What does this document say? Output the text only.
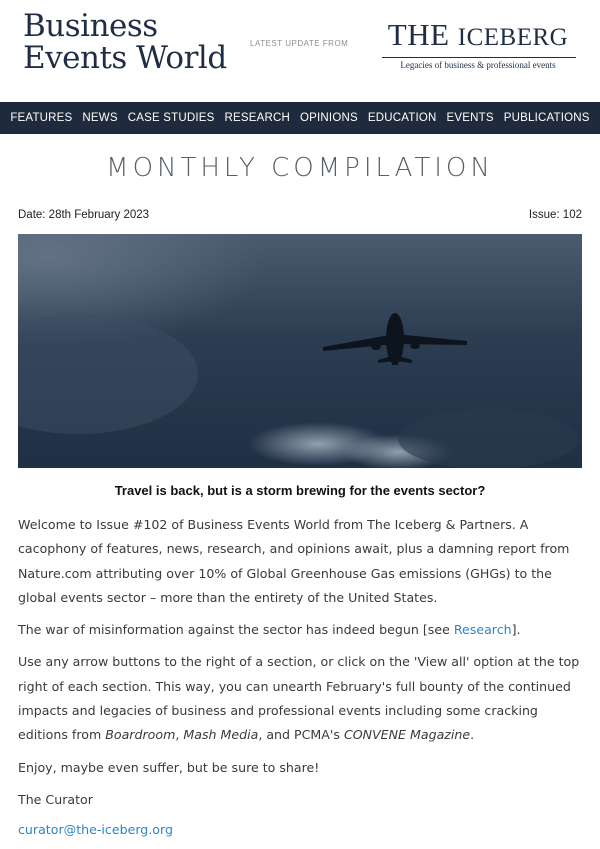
Business
Events World	LATEST UPDATE FROM	THE ICEBERG
Legacies of business & professional events
FEATURES NEWS CASE STUDIES RESEARCH OPINIONS EDUCATION EVENTS PUBLICATIONS
MONTHLY COMPILATION
Date: 28th February 2023	Issue: 102
Travel is back, but is a storm brewing for the events sector?

Welcome to Issue #102 of Business Events World from The Iceberg & Partners. A cacophony of features, news, research, and opinions await, plus a damning report from Nature.com attributing over 10% of Global Greenhouse Gas emissions (GHGs) to the global events sector – more than the entirety of the United States.

The war of misinformation against the sector has indeed begun [see Research].

Use any arrow buttons to the right of a section, or click on the 'View all' option at the top right of each section. This way, you can unearth February's full bounty of the continued impacts and legacies of business and professional events including some cracking editions from Boardroom, Mash Media, and PCMA's CONVENE Magazine.

Enjoy, maybe even suffer, but be sure to share!

The Curator

curator@the-iceberg.org
